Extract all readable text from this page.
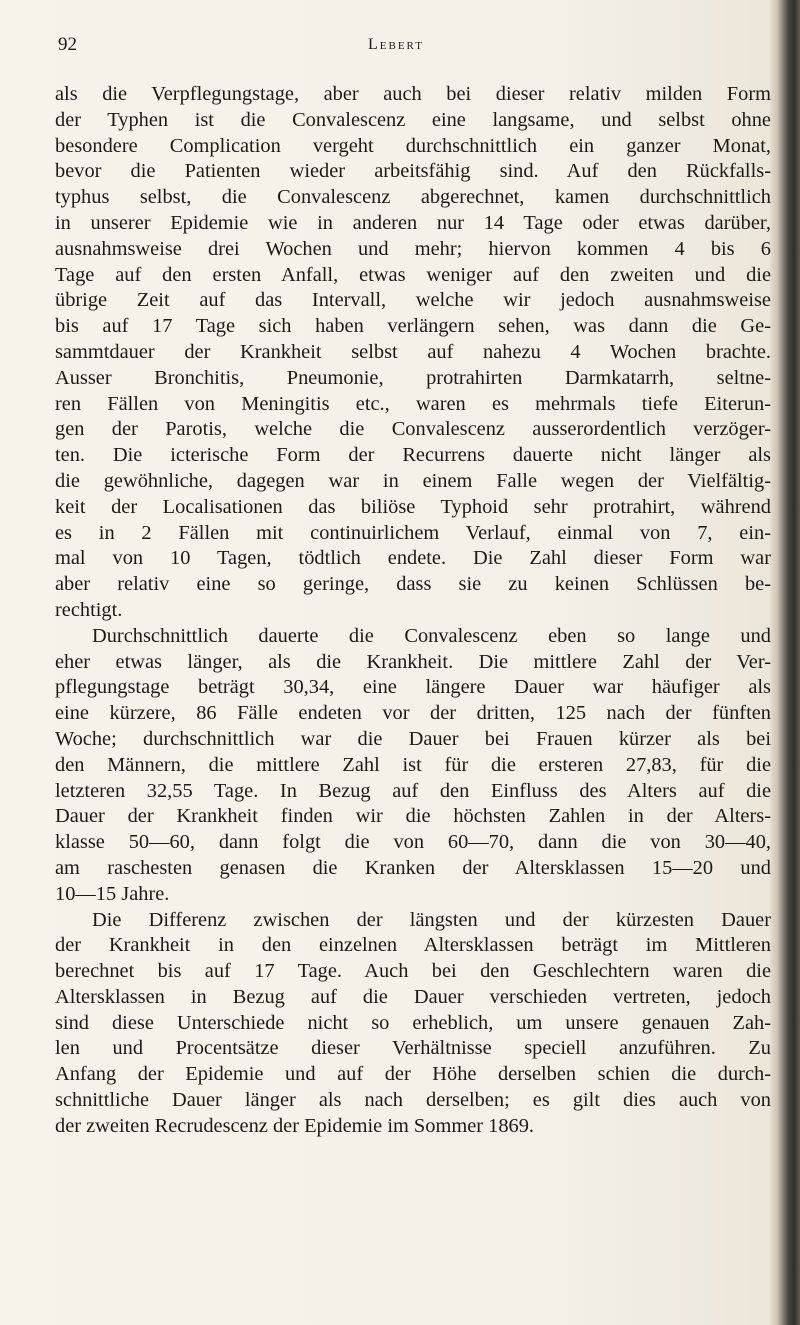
92	Lebert
als die Verpflegungstage, aber auch bei dieser relativ milden Form
der Typhen ist die Convalescenz eine langsame, und selbst ohne
besondere Complication vergeht durchschnittlich ein ganzer Monat,
bevor die Patienten wieder arbeitsfähig sind. Auf den Rückfalls-
typhus selbst, die Convalescenz abgerechnet, kamen durchschnittlich
in unserer Epidemie wie in anderen nur 14 Tage oder etwas darüber,
ausnahmsweise drei Wochen und mehr; hiervon kommen 4 bis 6
Tage auf den ersten Anfall, etwas weniger auf den zweiten und die
übrige Zeit auf das Intervall, welche wir jedoch ausnahmsweise
bis auf 17 Tage sich haben verlängern sehen, was dann die Ge-
sammtdauer der Krankheit selbst auf nahezu 4 Wochen brachte.
Ausser Bronchitis, Pneumonie, protrahirten Darmkatarrh, seltne-
ren Fällen von Meningitis etc., waren es mehrmals tiefe Eiterun-
gen der Parotis, welche die Convalescenz ausserordentlich verzöger-
ten. Die icterische Form der Recurrens dauerte nicht länger als
die gewöhnliche, dagegen war in einem Falle wegen der Vielfältig-
keit der Localisationen das biliöse Typhoid sehr protrahirt, während
es in 2 Fällen mit continuirlichem Verlauf, einmal von 7, ein-
mal von 10 Tagen, tödtlich endete. Die Zahl dieser Form war
aber relativ eine so geringe, dass sie zu keinen Schlüssen be-
rechtigt.
Durchschnittlich dauerte die Convalescenz eben so lange und
eher etwas länger, als die Krankheit. Die mittlere Zahl der Ver-
pflegungstage beträgt 30,34, eine längere Dauer war häufiger als
eine kürzere, 86 Fälle endeten vor der dritten, 125 nach der fünften
Woche; durchschnittlich war die Dauer bei Frauen kürzer als bei
den Männern, die mittlere Zahl ist für die ersteren 27,83, für die
letzteren 32,55 Tage. In Bezug auf den Einfluss des Alters auf die
Dauer der Krankheit finden wir die höchsten Zahlen in der Alters-
klasse 50—60, dann folgt die von 60—70, dann die von 30—40,
am raschesten genasen die Kranken der Altersklassen 15—20 und
10—15 Jahre.
Die Differenz zwischen der längsten und der kürzesten Dauer
der Krankheit in den einzelnen Altersklassen beträgt im Mittleren
berechnet bis auf 17 Tage. Auch bei den Geschlechtern waren die
Altersklassen in Bezug auf die Dauer verschieden vertreten, jedoch
sind diese Unterschiede nicht so erheblich, um unsere genauen Zah-
len und Procentsätze dieser Verhältnisse speciell anzuführen. Zu
Anfang der Epidemie und auf der Höhe derselben schien die durch-
schnittliche Dauer länger als nach derselben; es gilt dies auch von
der zweiten Recrudescenz der Epidemie im Sommer 1869.
